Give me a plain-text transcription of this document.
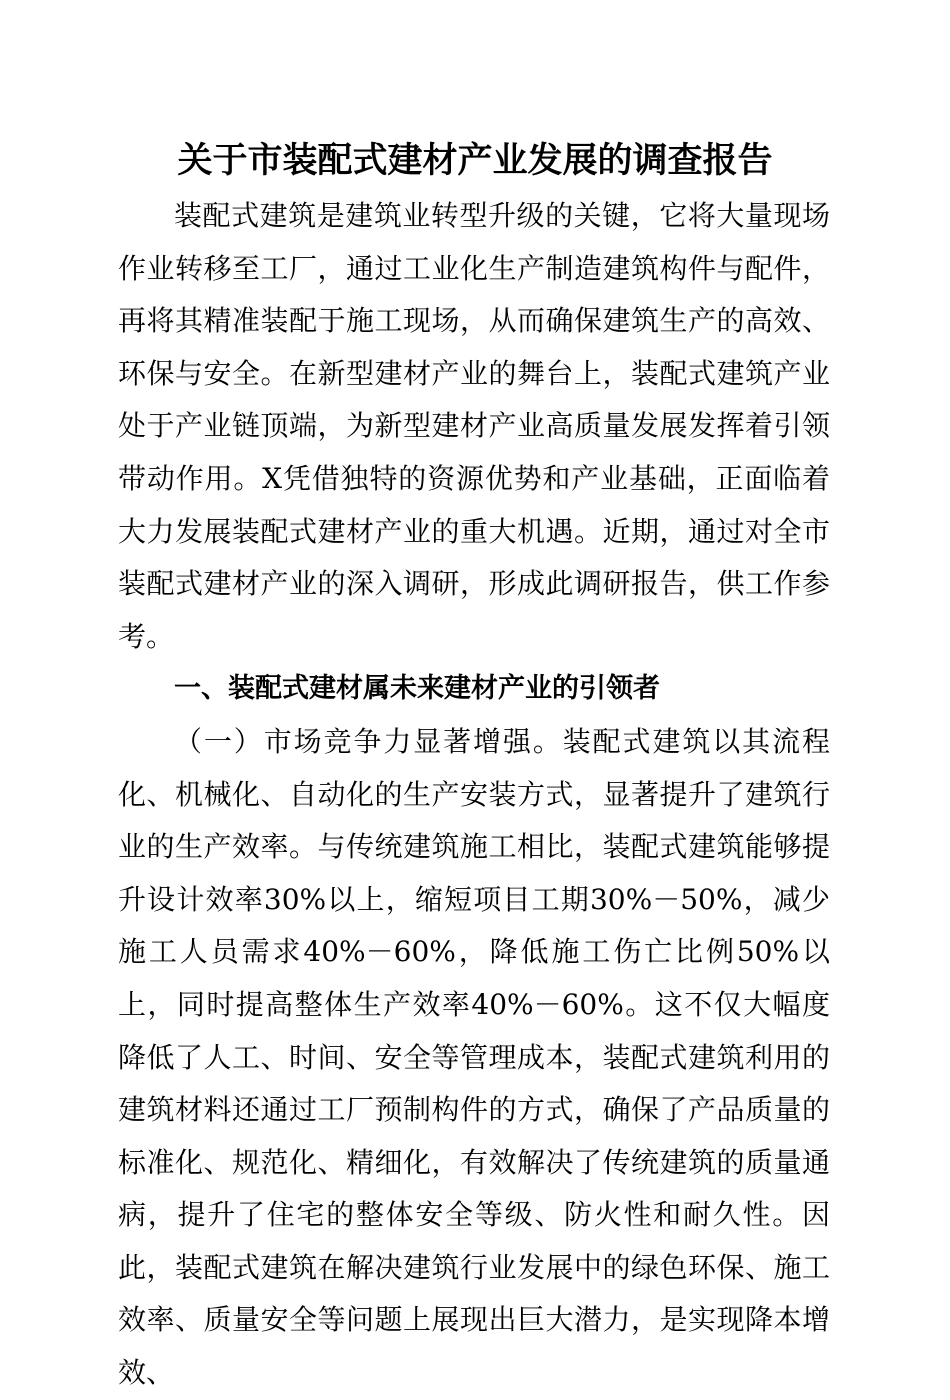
关于市装配式建材产业发展的调查报告

装配式建筑是建筑业转型升级的关键，它将大量现场作业转移至工厂，通过工业化生产制造建筑构件与配件，再将其精准装配于施工现场，从而确保建筑生产的高效、环保与安全。在新型建材产业的舞台上，装配式建筑产业处于产业链顶端，为新型建材产业高质量发展发挥着引领带动作用。X凭借独特的资源优势和产业基础，正面临着大力发展装配式建材产业的重大机遇。近期，通过对全市装配式建材产业的深入调研，形成此调研报告，供工作参考。

一、装配式建材属未来建材产业的引领者

（一）市场竞争力显著增强。装配式建筑以其流程化、机械化、自动化的生产安装方式，显著提升了建筑行业的生产效率。与传统建筑施工相比，装配式建筑能够提升设计效率30%以上，缩短项目工期30%－50%，减少施工人员需求40%－60%，降低施工伤亡比例50%以上，同时提高整体生产效率40%－60%。这不仅大幅度降低了人工、时间、安全等管理成本，装配式建筑利用的建筑材料还通过工厂预制构件的方式，确保了产品质量的标准化、规范化、精细化，有效解决了传统建筑的质量通病，提升了住宅的整体安全等级、防火性和耐久性。因此，装配式建筑在解决建筑行业发展中的绿色环保、施工效率、质量安全等问题上展现出巨大潜力，是实现降本增效、
